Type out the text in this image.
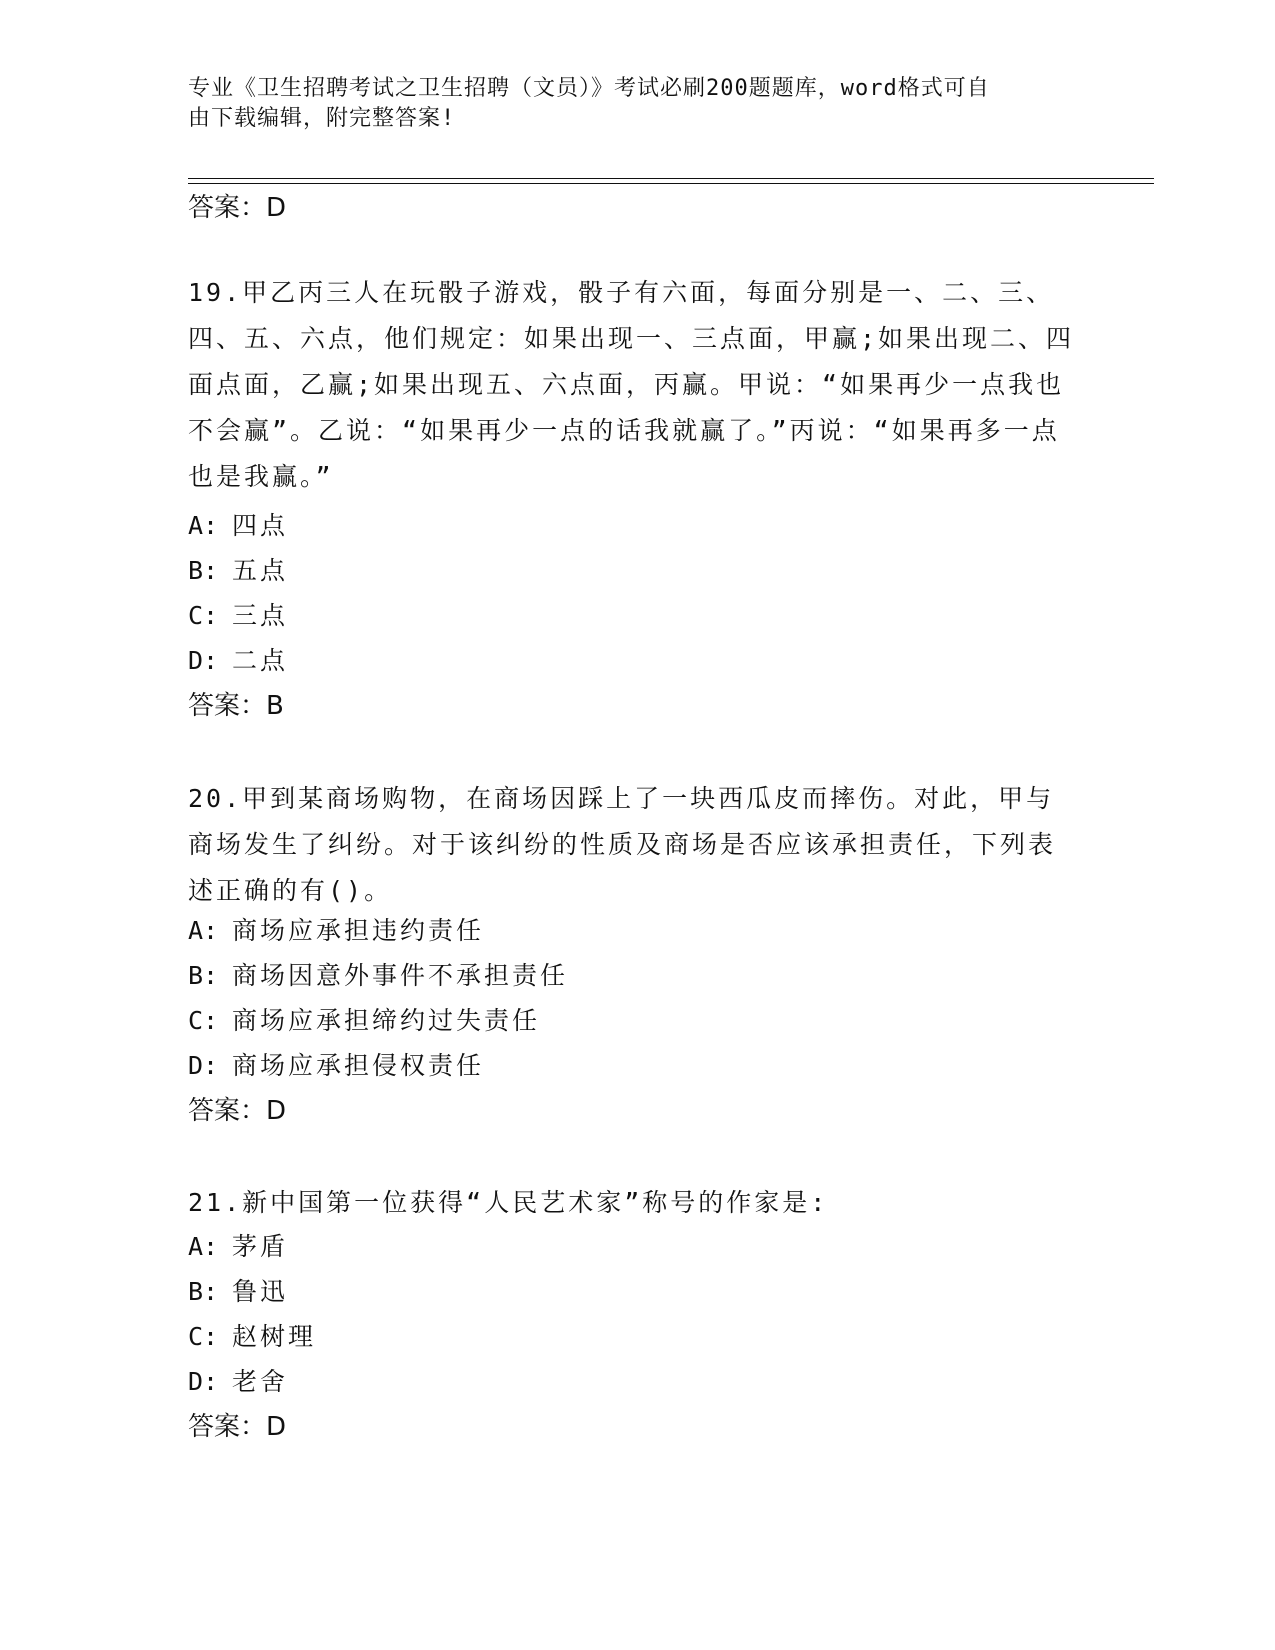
专业《卫生招聘考试之卫生招聘（文员）》考试必刷200题题库，word格式可自
由下载编辑，附完整答案!
答案：D
19.甲乙丙三人在玩骰子游戏，骰子有六面，每面分别是一、二、三、四、五、六点，他们规定：如果出现一、三点面，甲赢;如果出现二、四面点面，乙赢;如果出现五、六点面，丙赢。甲说：“如果再少一点我也不会赢”。乙说：“如果再少一点的话我就赢了。”丙说：“如果再多一点也是我赢。”
A: 四点
B: 五点
C: 三点
D: 二点
答案：B
20.甲到某商场购物，在商场因踩上了一块西瓜皮而摔伤。对此，甲与商场发生了纠纷。对于该纠纷的性质及商场是否应该承担责任，下列表述正确的有()。
A: 商场应承担违约责任
B: 商场因意外事件不承担责任
C: 商场应承担缔约过失责任
D: 商场应承担侵权责任
答案：D
21.新中国第一位获得“人民艺术家”称号的作家是:
A: 茅盾
B: 鲁迅
C: 赵树理
D: 老舍
答案：D
